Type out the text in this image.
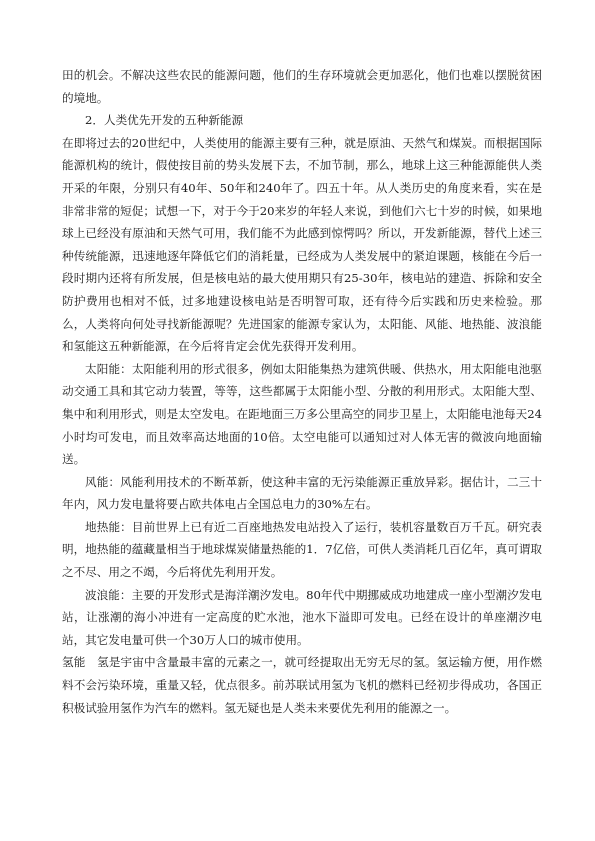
田的机会。不解决这些农民的能源问题，他们的生存环境就会更加恶化，他们也难以摆脱贫困的境地。

2．人类优先开发的五种新能源

在即将过去的20世纪中，人类使用的能源主要有三种，就是原油、天然气和煤炭。而根据国际能源机构的统计，假使按目前的势头发展下去，不加节制，那么，地球上这三种能源能供人类开采的年限，分别只有40年、50年和240年了。四五十年。从人类历史的角度来看，实在是非常非常的短促；试想一下，对于今于20来岁的年轻人来说，到他们六七十岁的时候，如果地球上已经没有原油和天然气可用，我们能不为此感到惊愕吗？所以，开发新能源，替代上述三种传统能源，迅速地逐年降低它们的消耗量，已经成为人类发展中的紧迫课题，核能在今后一段时期内还将有所发展，但是核电站的最大使用期只有25-30年，核电站的建造、拆除和安全防护费用也相对不低，过多地建设核电站是否明智可取，还有待今后实践和历史来检验。那么，人类将向何处寻找新能源呢？先进国家的能源专家认为，太阳能、风能、地热能、波浪能和氢能这五种新能源，在今后将肯定会优先获得开发利用。

太阳能：太阳能利用的形式很多，例如太阳能集热为建筑供暖、供热水，用太阳能电池驱动交通工具和其它动力装置，等等，这些都属于太阳能小型、分散的利用形式。太阳能大型、集中和利用形式，则是太空发电。在距地面三万多公里高空的同步卫星上，太阳能电池每天24小时均可发电，而且效率高达地面的10倍。太空电能可以通知过对人体无害的微波向地面输送。

风能：风能利用技术的不断革新，使这种丰富的无污染能源正重放异彩。据估计，二三十年内，风力发电量将要占欧共体电占全国总电力的30%左右。

地热能：目前世界上已有近二百座地热发电站投入了运行，装机容量数百万千瓦。研究表明，地热能的蕴藏量相当于地球煤炭储量热能的1．7亿倍，可供人类消耗几百亿年，真可谓取之不尽、用之不竭，今后将优先利用开发。

波浪能：主要的开发形式是海洋潮汐发电。80年代中期挪威成功地建成一座小型潮汐发电站，让涨潮的海小冲进有一定高度的贮水池，池水下溢即可发电。已经在设计的单座潮汐电站，其它发电量可供一个30万人口的城市使用。

氢能　氢是宇宙中含量最丰富的元素之一，就可经提取出无穷无尽的氢。氢运输方便，用作燃料不会污染环境，重量又轻，优点很多。前苏联试用氢为飞机的燃料已经初步得成功，各国正积极试验用氢作为汽车的燃料。氢无疑也是人类未来要优先利用的能源之一。
